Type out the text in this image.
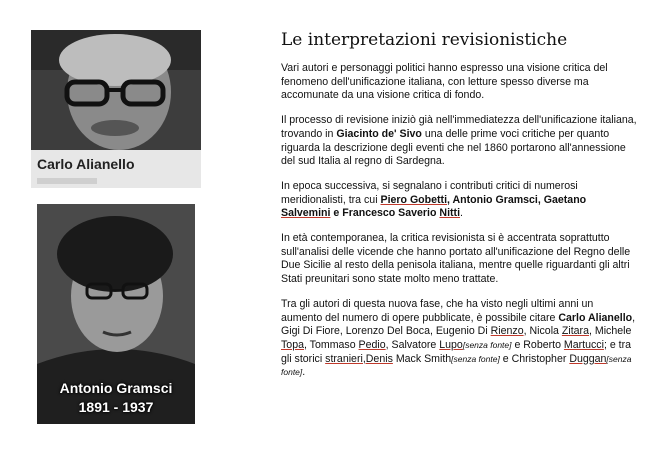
Carlo Alianello
Antonio Gramsci
1891 - 1937
Le interpretazioni revisionistiche

Vari autori e personaggi politici hanno espresso una visione critica del fenomeno dell'unificazione italiana, con letture spesso diverse ma accomunate da una visione critica di fondo.

Il processo di revisione iniziò già nell'immediatezza dell'unificazione italiana, trovando in Giacinto de' Sivo una delle prime voci critiche per quanto riguarda la descrizione degli eventi che nel 1860 portarono all'annessione del sud Italia al regno di Sardegna.

In epoca successiva, si segnalano i contributi critici di numerosi meridionalisti, tra cui Piero Gobetti, Antonio Gramsci, Gaetano Salvemini e Francesco Saverio Nitti.

In età contemporanea, la critica revisionista si è accentrata soprattutto sull'analisi delle vicende che hanno portato all'unificazione del Regno delle Due Sicilie al resto della penisola italiana, mentre quelle riguardanti gli altri Stati preunitari sono state molto meno trattate.

Tra gli autori di questa nuova fase, che ha visto negli ultimi anni un aumento del numero di opere pubblicate, è possibile citare Carlo Alianello, Gigi Di Fiore, Lorenzo Del Boca, Eugenio Di Rienzo, Nicola Zitara, Michele Topa, Tommaso Pedio, Salvatore Lupo[senza fonte] e Roberto Martucci; e tra gli storici stranieri,Denis Mack Smith[senza fonte] e Christopher Duggan[senza fonte].
